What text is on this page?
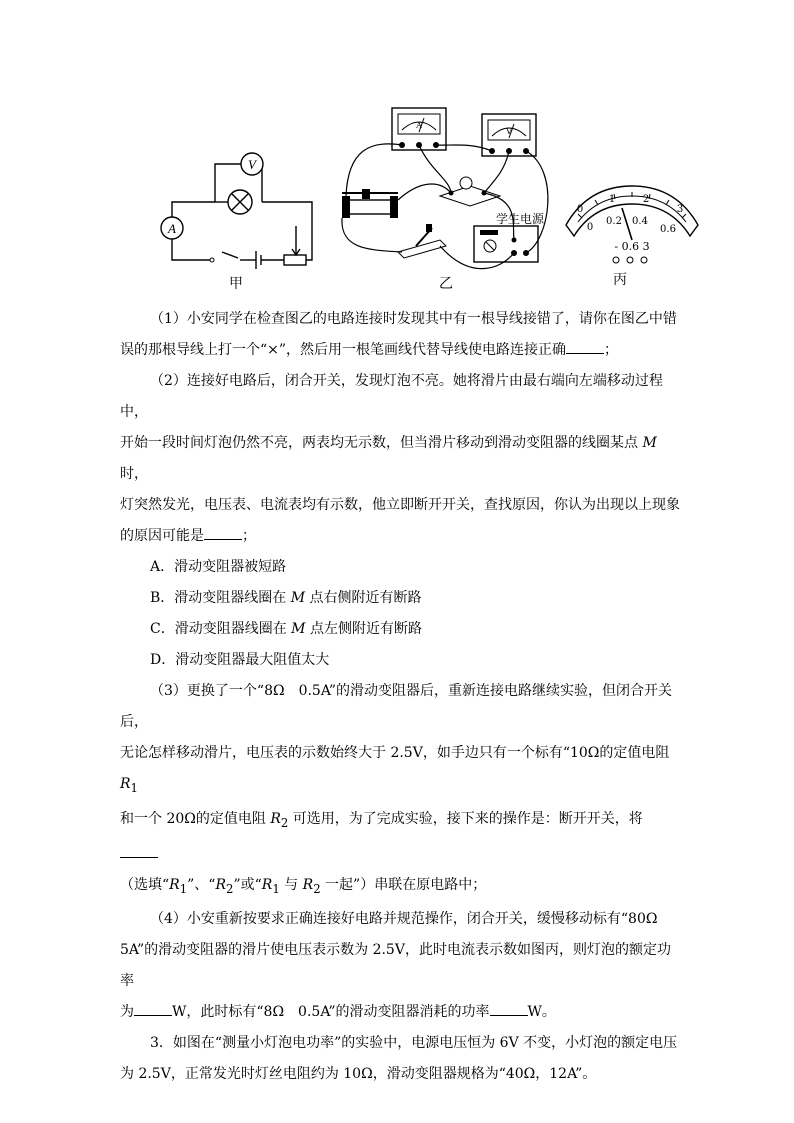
V
A
甲
A
V
学生电源
乙
0
1	2
3
0
0.2 0.4
0.6
- 0.6 3
丙

（1）小安同学在检查图乙的电路连接时发现其中有一根导线接错了，请你在图乙中错

误的那根导线上打一个“×”，然后用一根笔画线代替导线使电路连接正确	；

（2）连接好电路后，闭合开关，发现灯泡不亮。她将滑片由最右端向左端移动过程中，

开始一段时间灯泡仍然不亮，两表均无示数，但当滑片移动到滑动变阻器的线圈某点 M 时，

灯突然发光，电压表、电流表均有示数，他立即断开开关，查找原因，你认为出现以上现象

的原因可能是	；

A．滑动变阻器被短路

B．滑动变阻器线圈在 M 点右侧附近有断路

C．滑动变阻器线圈在 M 点左侧附近有断路

D．滑动变阻器最大阻值太大

（3）更换了一个“8Ω　0.5A”的滑动变阻器后，重新连接电路继续实验，但闭合开关后，

无论怎样移动滑片，电压表的示数始终大于 2.5V，如手边只有一个标有“10Ω的定值电阻 $R_1$

和一个 20Ω的定值电阻 $R_2$ 可选用，为了完成实验，接下来的操作是：断开开关，将

（选填“$R_1$”、“$R_2$”或“$R_1$ 与 $R_2$ 一起”）串联在原电路中；

（4）小安重新按要求正确连接好电路并规范操作，闭合开关，缓慢移动标有“80Ω

5A”的滑动变阻器的滑片使电压表示数为 2.5V，此时电流表示数如图丙，则灯泡的额定功率

为	W，此时标有“8Ω　0.5A”的滑动变阻器消耗的功率	W。

3．如图在“测量小灯泡电功率”的实验中，电源电压恒为 6V 不变，小灯泡的额定电压

为 2.5V，正常发光时灯丝电阻约为 10Ω，滑动变阻器规格为“40Ω，12A”。
